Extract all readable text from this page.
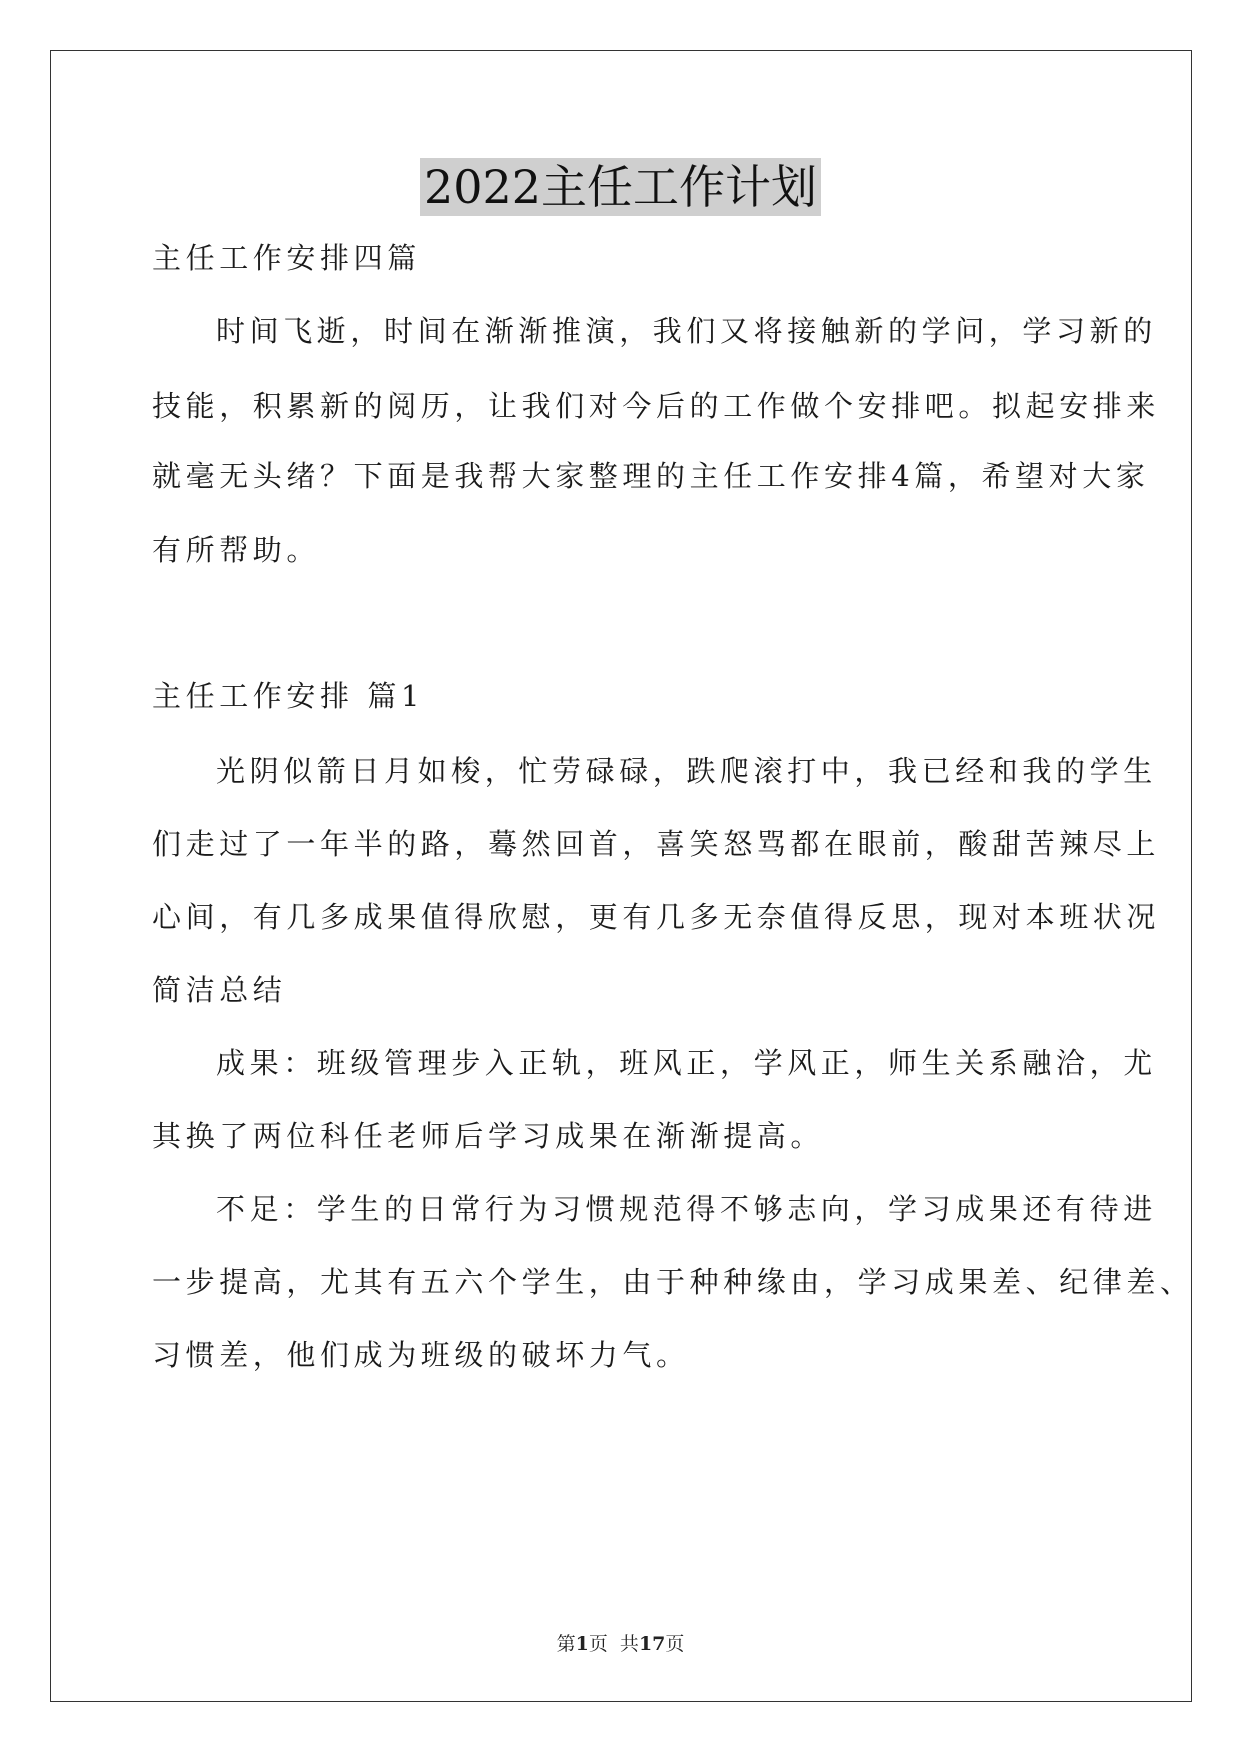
2022主任工作计划
主任工作安排四篇
时间飞逝，时间在渐渐推演，我们又将接触新的学问，学习新的
技能，积累新的阅历，让我们对今后的工作做个安排吧。拟起安排来
就毫无头绪？下面是我帮大家整理的主任工作安排4篇，希望对大家
有所帮助。
主任工作安排 篇1
光阴似箭日月如梭，忙劳碌碌，跌爬滚打中，我已经和我的学生
们走过了一年半的路，蓦然回首，喜笑怒骂都在眼前，酸甜苦辣尽上
心间，有几多成果值得欣慰，更有几多无奈值得反思，现对本班状况
简洁总结
成果：班级管理步入正轨，班风正，学风正，师生关系融洽，尤
其换了两位科任老师后学习成果在渐渐提高。
不足：学生的日常行为习惯规范得不够志向，学习成果还有待进
一步提高，尤其有五六个学生，由于种种缘由，学习成果差、纪律差、
习惯差，他们成为班级的破坏力气。
第1页  共17页
